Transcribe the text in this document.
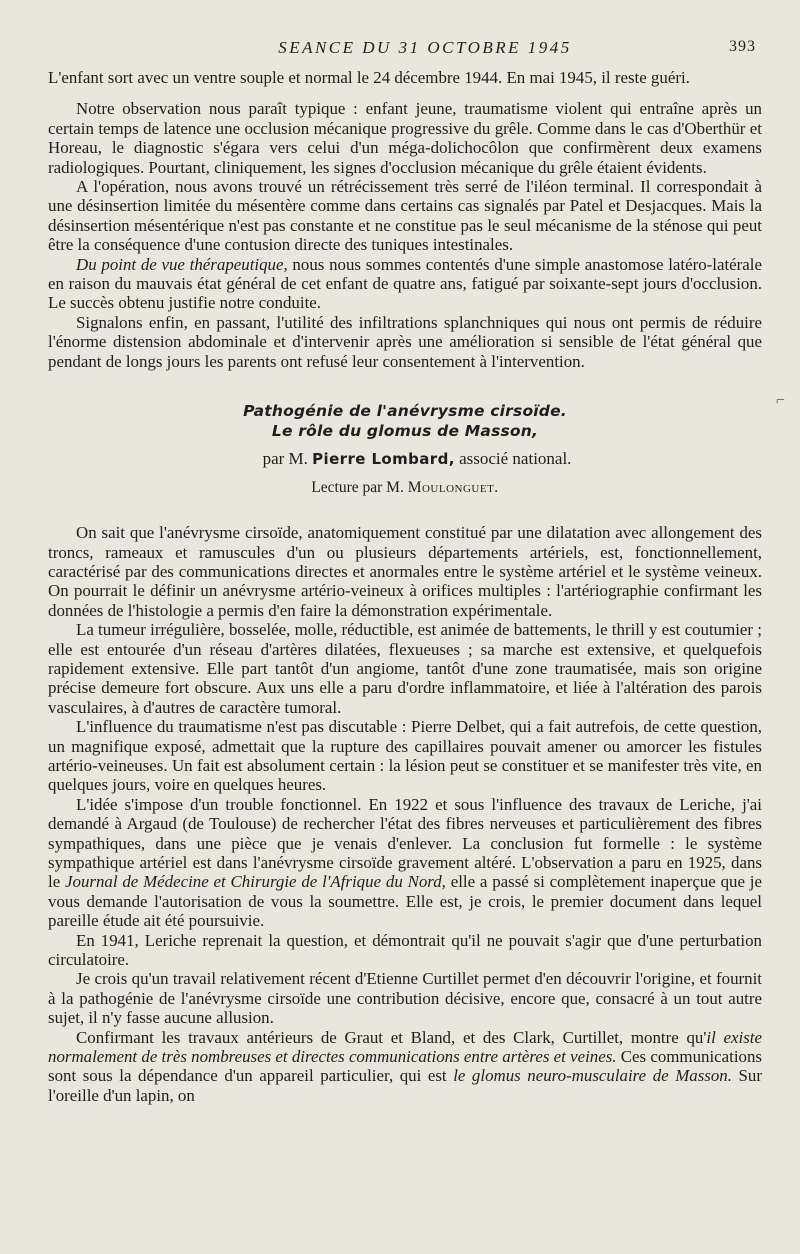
SEANCE DU 31 OCTOBRE 1945	393

L'enfant sort avec un ventre souple et normal le 24 décembre 1944. En mai 1945, il reste guéri.

Notre observation nous paraît typique : enfant jeune, traumatisme violent qui entraîne après un certain temps de latence une occlusion mécanique progressive du grêle. Comme dans le cas d'Oberthür et Horeau, le diagnostic s'égara vers celui d'un méga-dolichocôlon que confirmèrent deux examens radiologiques. Pourtant, cliniquement, les signes d'occlusion mécanique du grêle étaient évidents.

A l'opération, nous avons trouvé un rétrécissement très serré de l'iléon terminal. Il correspondait à une désinsertion limitée du mésentère comme dans certains cas signalés par Patel et Desjacques. Mais la désinsertion mésentérique n'est pas constante et ne constitue pas le seul mécanisme de la sténose qui peut être la conséquence d'une contusion directe des tuniques intestinales.

Du point de vue thérapeutique, nous nous sommes contentés d'une simple anastomose latéro-latérale en raison du mauvais état général de cet enfant de quatre ans, fatigué par soixante-sept jours d'occlusion. Le succès obtenu justifie notre conduite.

Signalons enfin, en passant, l'utilité des infiltrations splanchniques qui nous ont permis de réduire l'énorme distension abdominale et d'intervenir après une amélioration si sensible de l'état général que pendant de longs jours les parents ont refusé leur consentement à l'intervention.

⌐
Pathogénie de l'anévrysme cirsoïde.
Le rôle du glomus de Masson,
par M. Pierre Lombard, associé national.
Lecture par M. Moulonguet.

On sait que l'anévrysme cirsoïde, anatomiquement constitué par une dilatation avec allongement des troncs, rameaux et ramuscules d'un ou plusieurs départements artériels, est, fonctionnellement, caractérisé par des communications directes et anormales entre le système artériel et le système veineux. On pourrait le définir un anévrysme artério-veineux à orifices multiples : l'artériographie confirmant les données de l'histologie a permis d'en faire la démonstration expérimentale.

La tumeur irrégulière, bosselée, molle, réductible, est animée de battements, le thrill y est coutumier ; elle est entourée d'un réseau d'artères dilatées, flexueuses ; sa marche est extensive, et quelquefois rapidement extensive. Elle part tantôt d'un angiome, tantôt d'une zone traumatisée, mais son origine précise demeure fort obscure. Aux uns elle a paru d'ordre inflammatoire, et liée à l'altération des parois vasculaires, à d'autres de caractère tumoral.

L'influence du traumatisme n'est pas discutable : Pierre Delbet, qui a fait autrefois, de cette question, un magnifique exposé, admettait que la rupture des capillaires pouvait amener ou amorcer les fistules artério-veineuses. Un fait est absolument certain : la lésion peut se constituer et se manifester très vite, en quelques jours, voire en quelques heures.

L'idée s'impose d'un trouble fonctionnel. En 1922 et sous l'influence des travaux de Leriche, j'ai demandé à Argaud (de Toulouse) de rechercher l'état des fibres nerveuses et particulièrement des fibres sympathiques, dans une pièce que je venais d'enlever. La conclusion fut formelle : le système sympathique artériel est dans l'anévrysme cirsoïde gravement altéré. L'observation a paru en 1925, dans le Journal de Médecine et Chirurgie de l'Afrique du Nord, elle a passé si complètement inaperçue que je vous demande l'autorisation de vous la soumettre. Elle est, je crois, le premier document dans lequel pareille étude ait été poursuivie.

En 1941, Leriche reprenait la question, et démontrait qu'il ne pouvait s'agir que d'une perturbation circulatoire.

Je crois qu'un travail relativement récent d'Etienne Curtillet permet d'en découvrir l'origine, et fournit à la pathogénie de l'anévrysme cirsoïde une contribution décisive, encore que, consacré à un tout autre sujet, il n'y fasse aucune allusion.

Confirmant les travaux antérieurs de Graut et Bland, et des Clark, Curtillet, montre qu'il existe normalement de très nombreuses et directes communications entre artères et veines. Ces communications sont sous la dépendance d'un appareil particulier, qui est le glomus neuro-musculaire de Masson. Sur l'oreille d'un lapin, on
